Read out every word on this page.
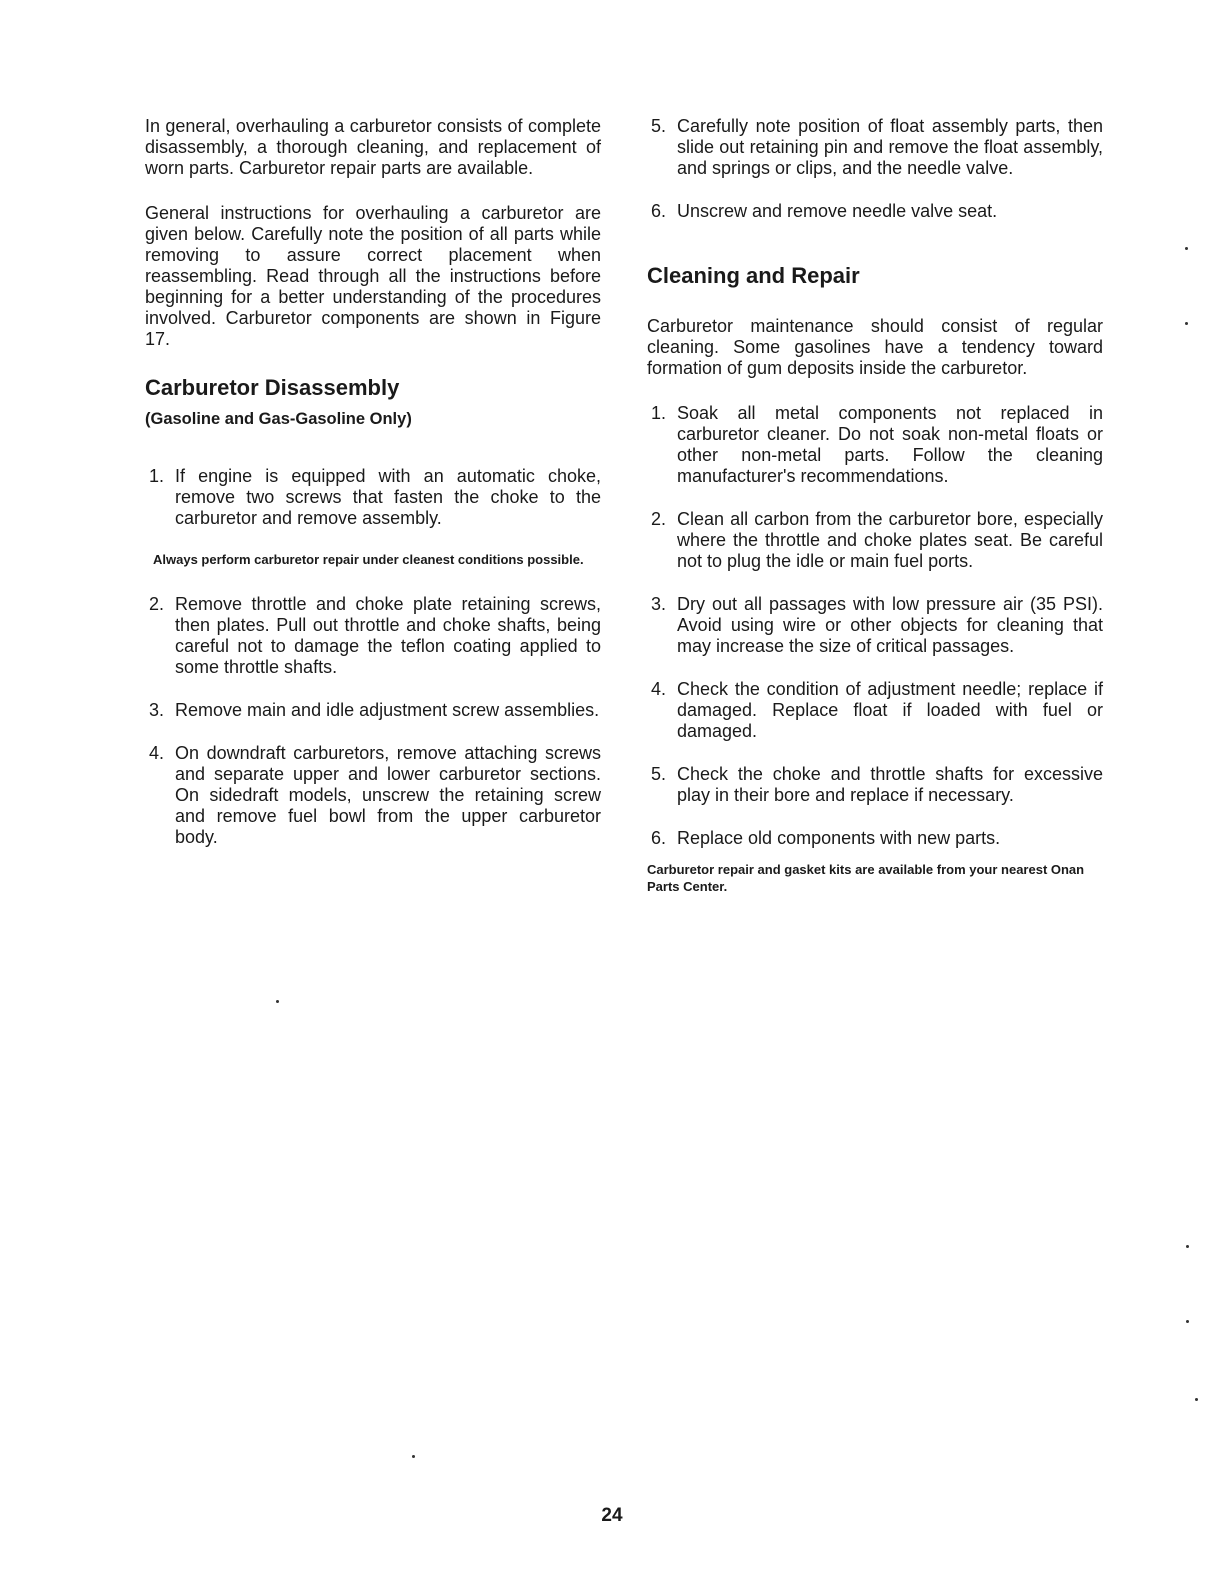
In general, overhauling a carburetor consists of complete disassembly, a thorough cleaning, and replacement of worn parts. Carburetor repair parts are available.

General instructions for overhauling a carburetor are given below. Carefully note the position of all parts while removing to assure correct placement when reassembling. Read through all the instructions before beginning for a better understanding of the procedures involved. Carburetor components are shown in Figure 17.

Carburetor Disassembly
(Gasoline and Gas-Gasoline Only)
1. If engine is equipped with an automatic choke, remove two screws that fasten the choke to the carburetor and remove assembly.
Always perform carburetor repair under cleanest conditions possible.
2. Remove throttle and choke plate retaining screws, then plates. Pull out throttle and choke shafts, being careful not to damage the teflon coating applied to some throttle shafts.
3. Remove main and idle adjustment screw assemblies.
4. On downdraft carburetors, remove attaching screws and separate upper and lower carburetor sections. On sidedraft models, unscrew the retaining screw and remove fuel bowl from the upper carburetor body.
5. Carefully note position of float assembly parts, then slide out retaining pin and remove the float assembly, and springs or clips, and the needle valve.
6. Unscrew and remove needle valve seat.
Cleaning and Repair

Carburetor maintenance should consist of regular cleaning. Some gasolines have a tendency toward formation of gum deposits inside the carburetor.

1. Soak all metal components not replaced in carburetor cleaner. Do not soak non-metal floats or other non-metal parts. Follow the cleaning manufacturer's recommendations.
2. Clean all carbon from the carburetor bore, especially where the throttle and choke plates seat. Be careful not to plug the idle or main fuel ports.
3. Dry out all passages with low pressure air (35 PSI). Avoid using wire or other objects for cleaning that may increase the size of critical passages.
4. Check the condition of adjustment needle; replace if damaged. Replace float if loaded with fuel or damaged.
5. Check the choke and throttle shafts for excessive play in their bore and replace if necessary.
6. Replace old components with new parts.
Carburetor repair and gasket kits are available from your nearest Onan Parts Center.
24
